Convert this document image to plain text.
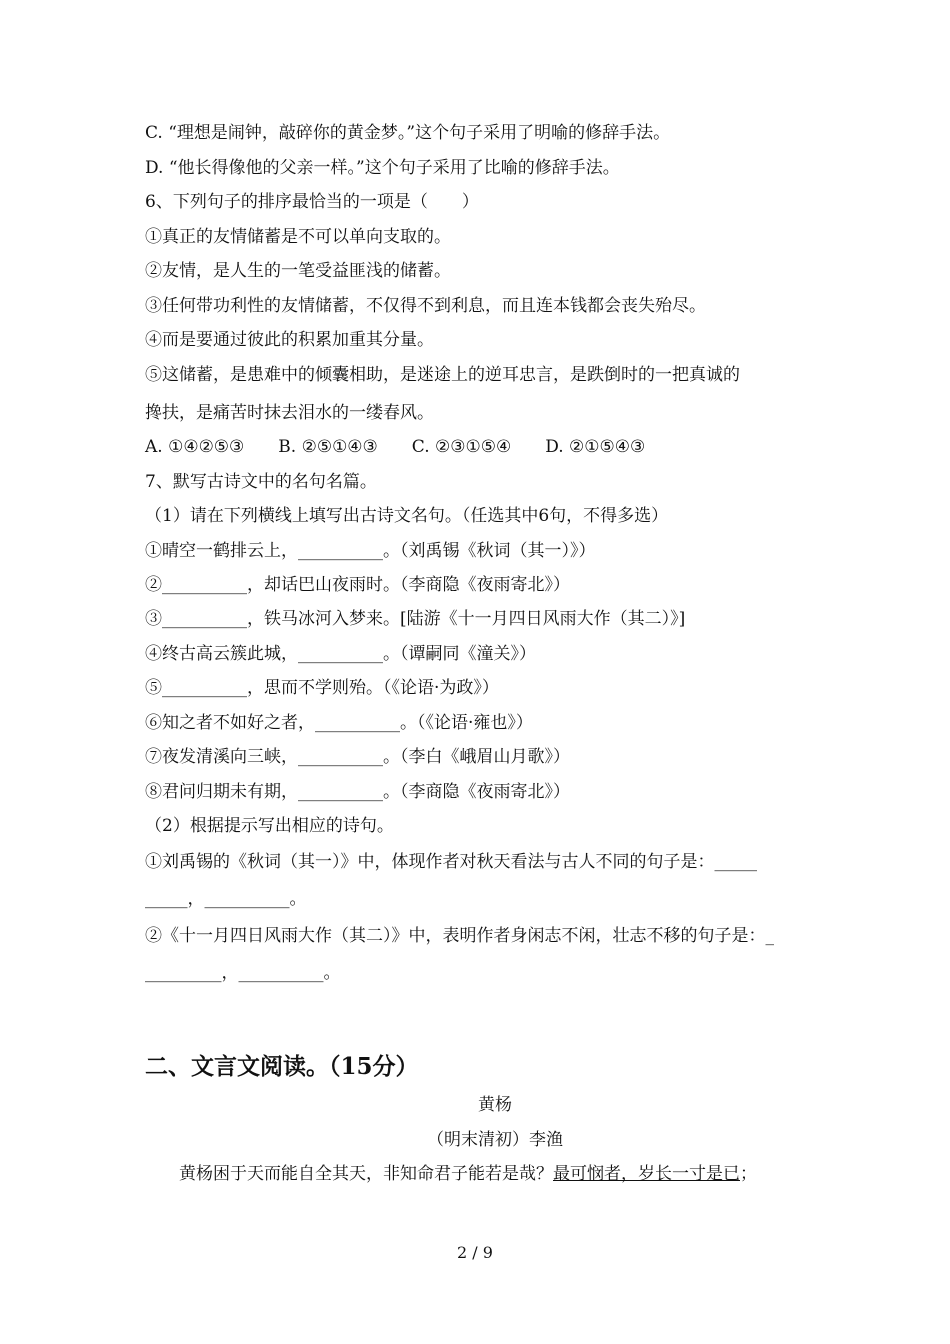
C. “理想是闹钟，敲碎你的黄金梦。”这个句子采用了明喻的修辞手法。
D. “他长得像他的父亲一样。”这个句子采用了比喻的修辞手法。
6、下列句子的排序最恰当的一项是（　　）
①真正的友情储蓄是不可以单向支取的。
②友情，是人生的一笔受益匪浅的储蓄。
③任何带功利性的友情储蓄，不仅得不到利息，而且连本钱都会丧失殆尽。
④而是要通过彼此的积累加重其分量。
⑤这储蓄，是患难中的倾囊相助，是迷途上的逆耳忠言，是跌倒时的一把真诚的
搀扶，是痛苦时抹去泪水的一缕春风。
A. ①④②⑤③　　B. ②⑤①④③　　C. ②③①⑤④　　D. ②①⑤④③
7、默写古诗文中的名句名篇。
（1）请在下列横线上填写出古诗文名句。（任选其中6句，不得多选）
①晴空一鹤排云上，__________。（刘禹锡《秋词（其一）》）
②__________，却话巴山夜雨时。（李商隐《夜雨寄北》）
③__________，铁马冰河入梦来。[陆游《十一月四日风雨大作（其二）》]
④终古高云簇此城，__________。（谭嗣同《潼关》）
⑤__________，思而不学则殆。（《论语·为政》）
⑥知之者不如好之者，__________。（《论语·雍也》）
⑦夜发清溪向三峡，__________。（李白《峨眉山月歌》）
⑧君问归期未有期，__________。（李商隐《夜雨寄北》）
（2）根据提示写出相应的诗句。
①刘禹锡的《秋词（其一）》中，体现作者对秋天看法与古人不同的句子是：_____
_____，__________。
②《十一月四日风雨大作（其二）》中，表明作者身闲志不闲，壮志不移的句子是：_
_________，__________。
二、文言文阅读。（15分）
黄杨
（明末清初）李渔
黄杨困于天而能自全其天，非知命君子能若是哉？最可悯者，岁长一寸是已；
2 / 9
